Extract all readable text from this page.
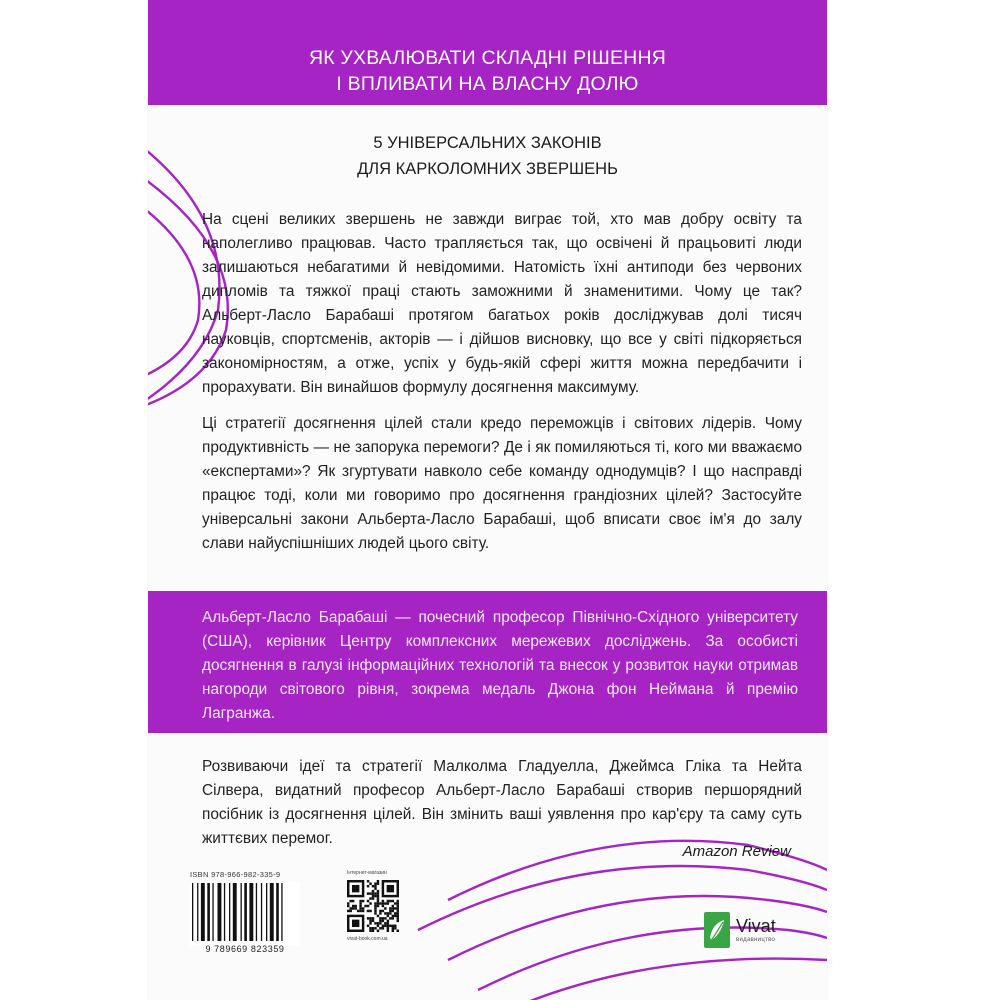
ЯК УХВАЛЮВАТИ СКЛАДНІ РІШЕННЯ
І ВПЛИВАТИ НА ВЛАСНУ ДОЛЮ
5 УНІВЕРСАЛЬНИХ ЗАКОНІВ
ДЛЯ КАРКОЛОМНИХ ЗВЕРШЕНЬ

На сцені великих звершень не завжди виграє той, хто мав добру освіту та наполегливо працював. Часто трапляється так, що освічені й працьовиті люди залишаються небагатими й невідомими. Натомість їхні антиподи без червоних дипломів та тяжкої праці стають заможними й знаменитими. Чому це так? Альберт-Ласло Барабаші протягом багатьох років досліджував долі тисяч науковців, спортсменів, акторів — і дійшов висновку, що все у світі підкоряється закономірностям, а отже, успіх у будь-якій сфері життя можна передбачити і прорахувати. Він винайшов формулу досягнення максимуму.

Ці стратегії досягнення цілей стали кредо переможців і світових лідерів. Чому продуктивність — не запорука перемоги? Де і як помиляються ті, кого ми вважаємо «експертами»? Як згуртувати навколо себе команду однодумців? І що насправді працює тоді, коли ми говоримо про досягнення грандіозних цілей? Застосуйте універсальні закони Альберта-Ласло Барабаші, щоб вписати своє ім'я до залу слави найуспішніших людей цього світу.

Альберт-Ласло Барабаші — почесний професор Північно-Східного університету (США), керівник Центру комплексних мережевих досліджень. За особисті досягнення в галузі інформаційних технологій та внесок у розвиток науки отримав нагороди світового рівня, зокрема медаль Джона фон Неймана й премію Лагранжа.

Розвиваючи ідеї та стратегії Малколма Гладуелла, Джеймса Гліка та Нейта Сілвера, видатний професор Альберт-Ласло Барабаші створив першорядний посібник із досягнення цілей. Він змінить ваші уявлення про кар'єру та саму суть життєвих перемог.

Amazon Review
ISBN 978-966-982-335-9
9 789669 823359
Інтернет-магазин
vivat-book.com.ua
Vivat
видавництво
